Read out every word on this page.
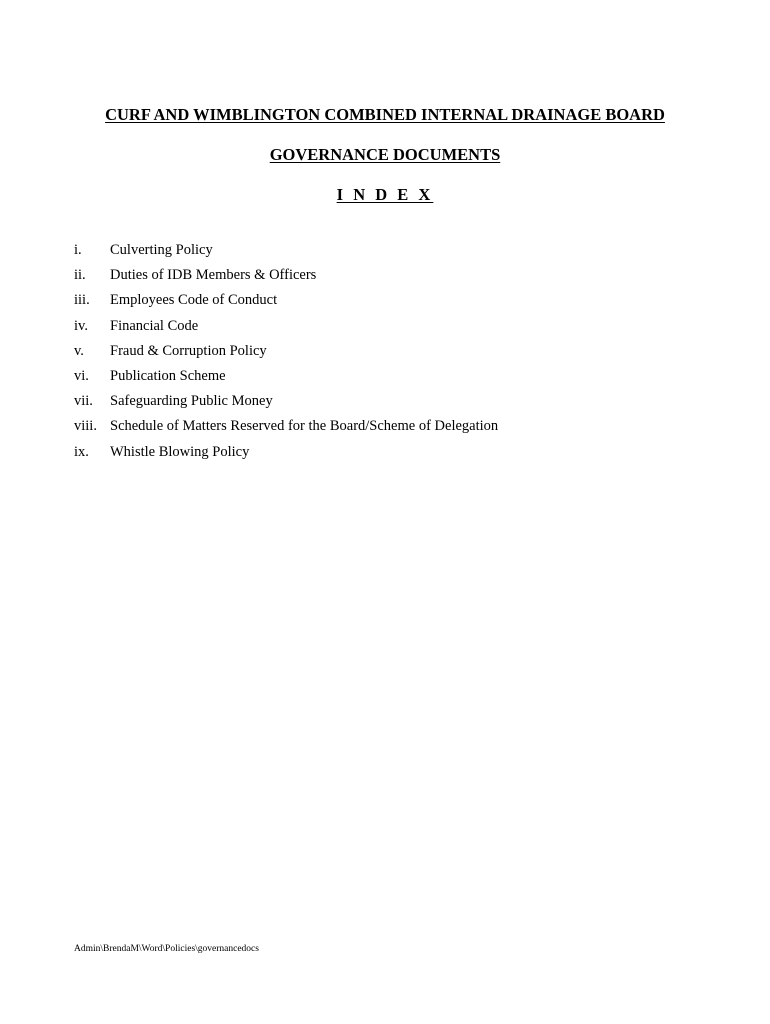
CURF AND WIMBLINGTON COMBINED INTERNAL DRAINAGE BOARD
GOVERNANCE DOCUMENTS
I N D E X
i. Culverting Policy
ii. Duties of IDB Members & Officers
iii. Employees Code of Conduct
iv. Financial Code
v. Fraud & Corruption Policy
vi. Publication Scheme
vii. Safeguarding Public Money
viii. Schedule of Matters Reserved for the Board/Scheme of Delegation
ix. Whistle Blowing Policy
Admin\BrendaM\Word\Policies\governancedocs
